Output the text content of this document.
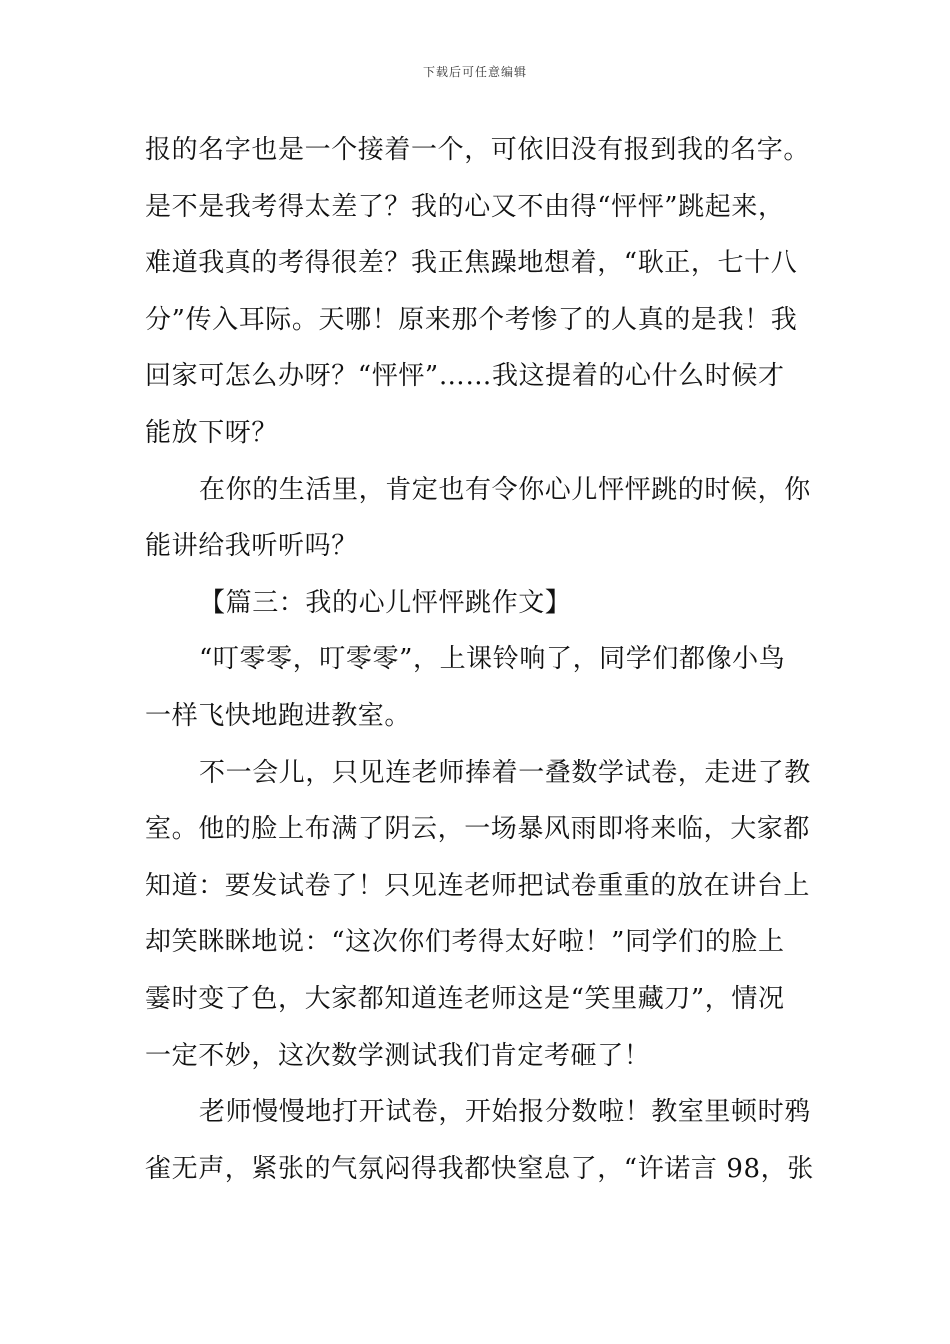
下载后可任意编辑
报的名字也是一个接着一个，可依旧没有报到我的名字。
是不是我考得太差了？我的心又不由得“怦怦”跳起来，
难道我真的考得很差？我正焦躁地想着，“耿正，七十八
分”传入耳际。天哪！原来那个考惨了的人真的是我！我
回家可怎么办呀？“怦怦”……我这提着的心什么时候才
能放下呀？
在你的生活里，肯定也有令你心儿怦怦跳的时候，你
能讲给我听听吗？
【篇三：我的心儿怦怦跳作文】
“叮零零，叮零零”，上课铃响了，同学们都像小鸟
一样飞快地跑进教室。
不一会儿，只见连老师捧着一叠数学试卷，走进了教
室。他的脸上布满了阴云，一场暴风雨即将来临，大家都
知道：要发试卷了！只见连老师把试卷重重的放在讲台上
却笑眯眯地说：“这次你们考得太好啦！”同学们的脸上
霎时变了色，大家都知道连老师这是“笑里藏刀”，情况
一定不妙，这次数学测试我们肯定考砸了！
老师慢慢地打开试卷，开始报分数啦！教室里顿时鸦
雀无声，紧张的气氛闷得我都快窒息了，“许诺言 98，张
